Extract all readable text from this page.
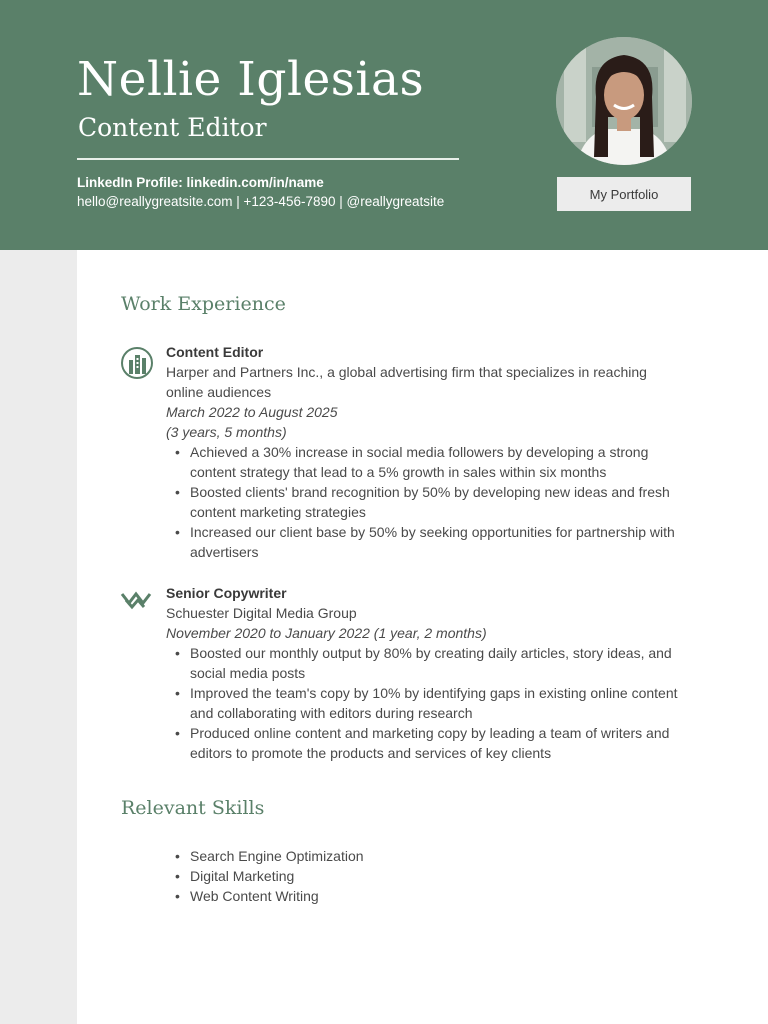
Nellie Iglesias
Content Editor
LinkedIn Profile: linkedin.com/in/name
hello@reallygreatsite.com | +123-456-7890 | @reallygreatsite	My Portfolio
Work Experience
Content Editor
Harper and Partners Inc., a global advertising firm that specializes in reaching online audiences
March 2022 to August 2025
(3 years, 5 months)
• Achieved a 30% increase in social media followers by developing a strong content strategy that lead to a 5% growth in sales within six months
• Boosted clients' brand recognition by 50% by developing new ideas and fresh content marketing strategies
• Increased our client base by 50% by seeking opportunities for partnership with advertisers
Senior Copywriter
Schuester Digital Media Group
November 2020 to January 2022 (1 year, 2 months)
• Boosted our monthly output by 80% by creating daily articles, story ideas, and social media posts
• Improved the team's copy by 10% by identifying gaps in existing online content and collaborating with editors during research
• Produced online content and marketing copy by leading a team of writers and editors to promote the products and services of key clients
Relevant Skills
• Search Engine Optimization
• Digital Marketing
• Web Content Writing
